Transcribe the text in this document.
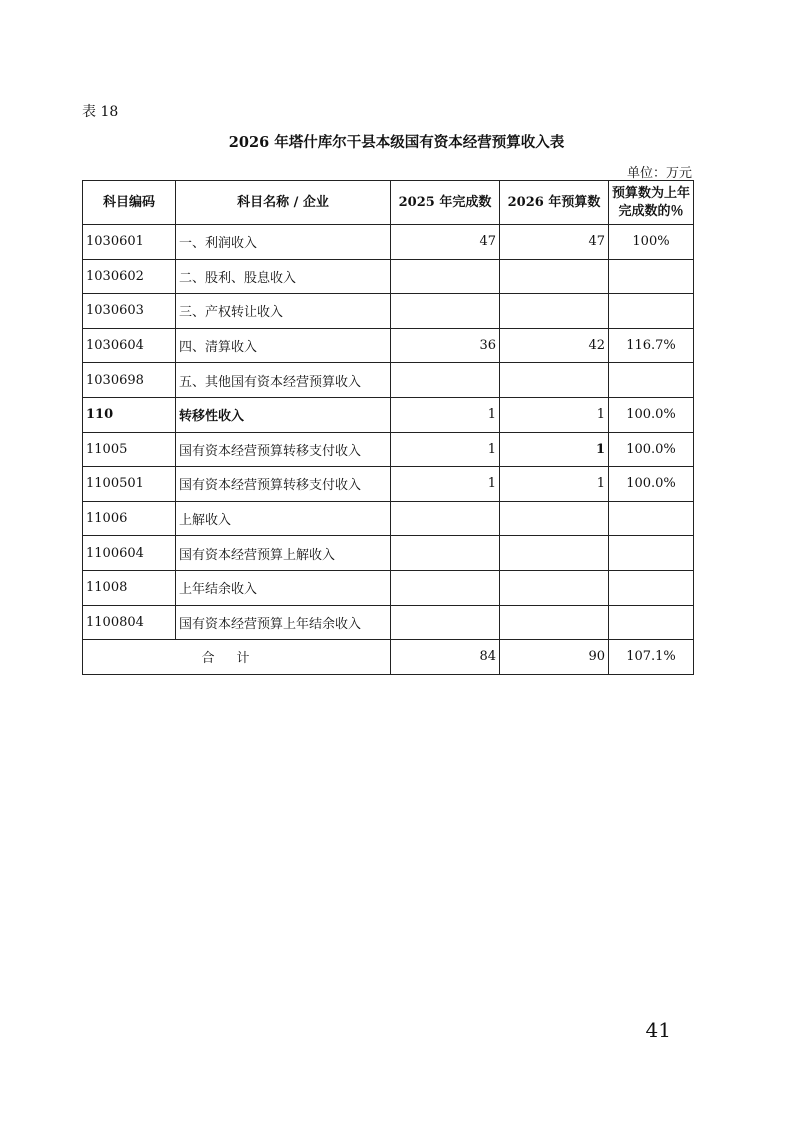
表 18
2026 年塔什库尔干县本级国有资本经营预算收入表
单位：万元
科目编码	科目名称 / 企业	2025 年完成数	2026 年预算数	预算数为上年完成数的％
1030601	一、利润收入	47	47	100%
1030602	二、股利、股息收入			
1030603	三、产权转让收入			
1030604	四、清算收入	36	42	116.7%
1030698	五、其他国有资本经营预算收入			
110	转移性收入	1	1	100.0%
11005	国有资本经营预算转移支付收入	1	1	100.0%
1100501	国有资本经营预算转移支付收入	1	1	100.0%
11006	上解收入			
1100604	国有资本经营预算上解收入			
11008	上年结余收入			
1100804	国有资本经营预算上年结余收入			
合计		84	90	107.1%
41
